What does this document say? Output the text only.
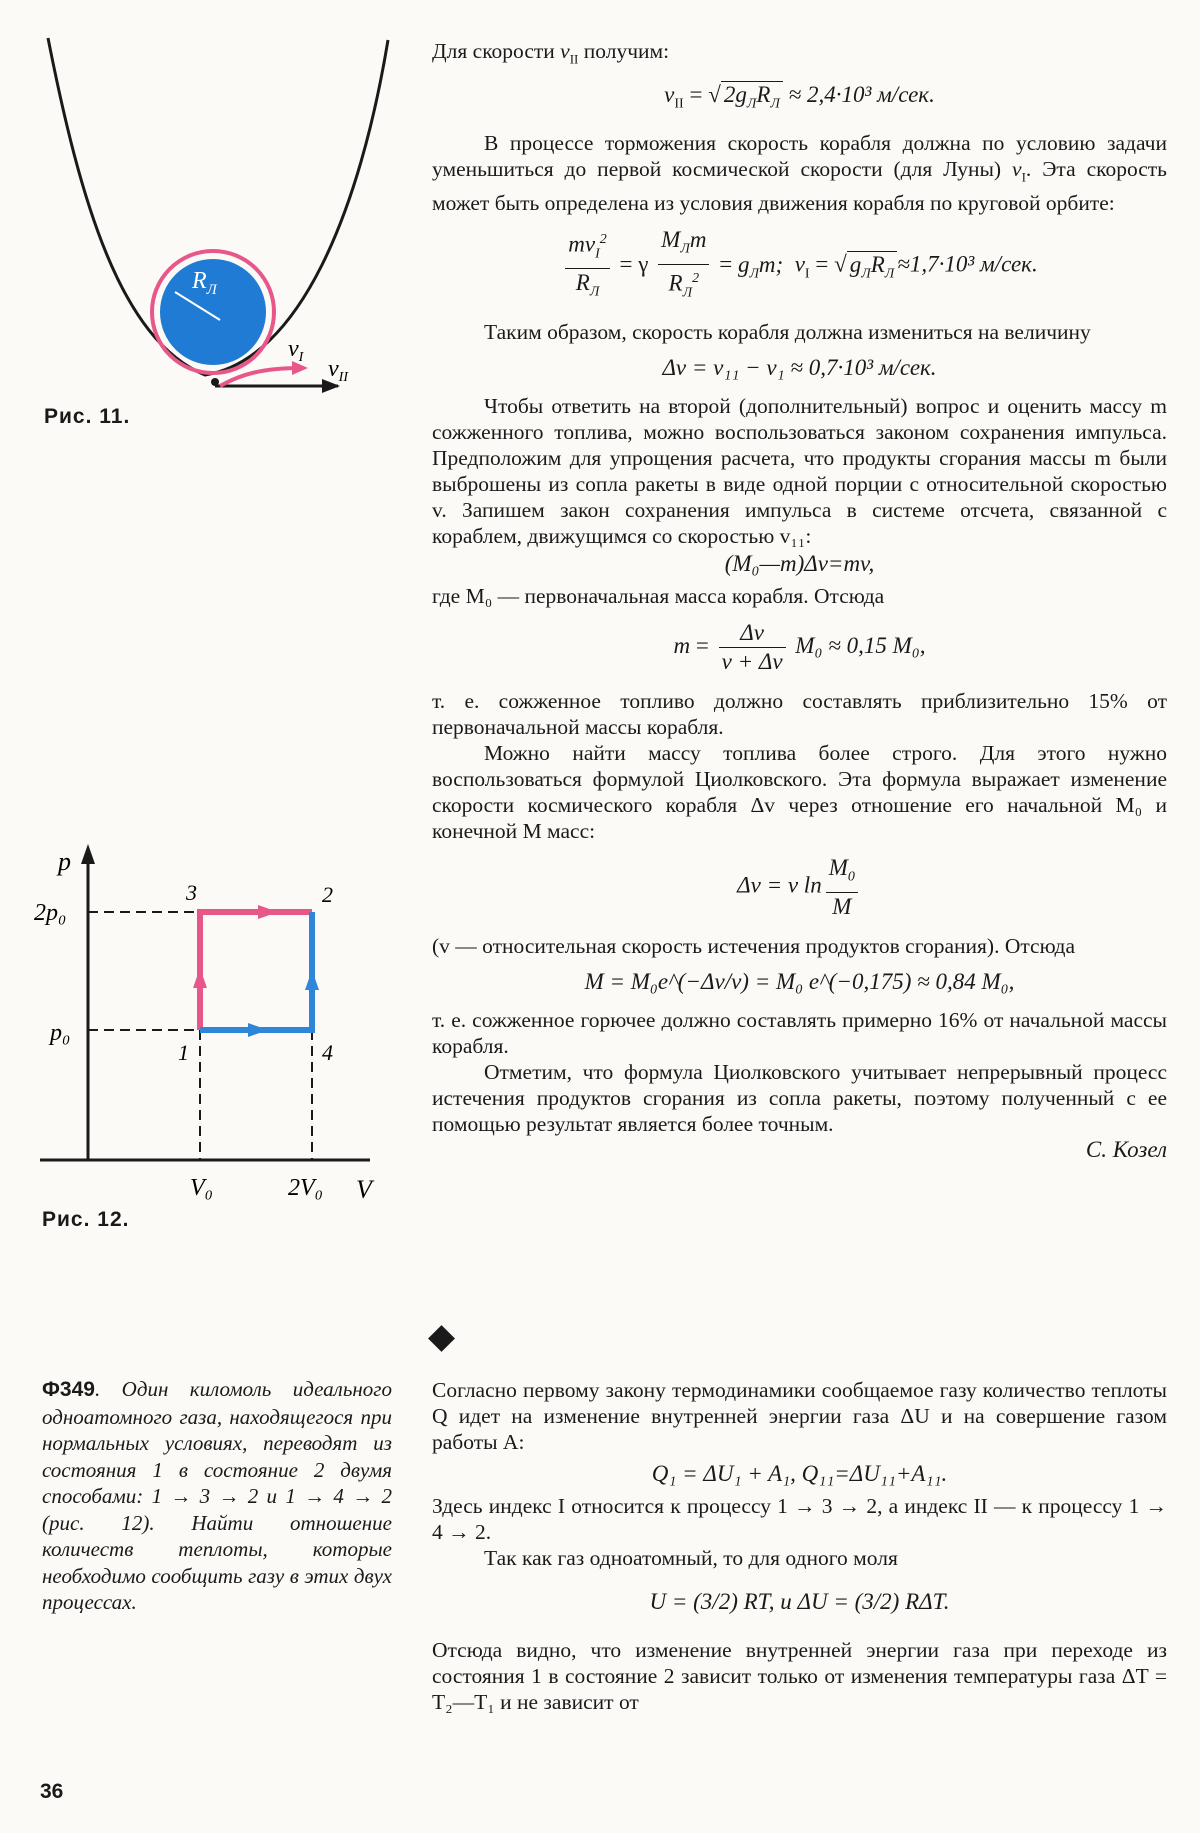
$R_Л$
$v_I$ $v_{II}$
Рис. 11.
p
V
2p₀
p₀
V₀	2V₀
1
2
3
4
Рис. 12.

Для скорости $v_{II}$ получим:

$v_{II}$ = √ $2g_ЛR_Л \approx 2,4\cdot 10^3$ м/сек.

В процессе торможения скорость корабля должна по условию задачи уменьшиться до первой космической скорости (для Луны) $v_I$. Эта скорость может быть определена из условия движения корабля по круговой орбите:

$\frac{mv_I^2}{R_Л} = \gamma \frac{M_Лm}{R_Л^2} = g_Лm$; $v_I$ = √ $g_ЛR_Л \approx 1,7\cdot 10^3$ м/сек.

Таким образом, скорость корабля должна измениться на величину

Δv = v₁₁ − v₁ ≈ 0,7·10³ м/сек.

Чтобы ответить на второй (дополнительный) вопрос и оценить массу m сожженного топлива, можно воспользоваться законом сохранения импульса. Предположим для упрощения расчета, что продукты сгорания массы m были выброшены из сопла ракеты в виде одной порции с относительной скоростью v. Запишем закон сохранения импульса в системе отсчета, связанной с кораблем, движущимся со скоростью v₁₁:

(M₀—m)Δv=mv,

где M₀ — первоначальная масса корабля. Отсюда

$m = \frac{\Delta v}{v + \Delta v} M_0 \approx 0,15$ M₀,

т. е. сожженное топливо должно составлять приблизительно 15% от первоначальной массы корабля.

Можно найти массу топлива более строго. Для этого нужно воспользоваться формулой Циолковского. Эта формула выражает изменение скорости космического корабля Δv через отношение его начальной M₀ и конечной M масс:

Δv = v $\ln \frac{M_0}{M}$

(v — относительная скорость истечения продуктов сгорания). Отсюда

M = M₀e^(−Δv/v) = M₀ e^(−0,175) ≈ 0,84 M₀,

т. е. сожженное горючее должно составлять примерно 16% от начальной массы корабля.

Отметим, что формула Циолковского учитывает непрерывный процесс истечения продуктов сгорания из сопла ракеты, поэтому полученный с ее помощью результат является более точным.

С. Козел
Ф349. Один киломоль идеального одноатомного газа, находящегося при нормальных условиях, переводят из состояния 1 в состояние 2 двумя способами: 1 → 3 → 2 и 1 → 4 → 2 (рис. 12). Найти отношение количеств теплоты, которые необходимо сообщить газу в этих двух процессах.

Согласно первому закону термодинамики сообщаемое газу количество теплоты Q идет на изменение внутренней энергии газа ΔU и на совершение газом работы A:

Q₁ = ΔU₁ + A₁, Q₁₁=ΔU₁₁+A₁₁.

Здесь индекс I относится к процессу 1 → 3 → 2, а индекс II — к процессу 1 → 4 → 2.

Так как газ одноатомный, то для одного моля

U = (3/2) RT, и ΔU = (3/2) RΔT.

Отсюда видно, что изменение внутренней энергии газа при переходе из состояния 1 в состояние 2 зависит только от изменения температуры газа ΔT = T₂—T₁ и не зависит от

36
